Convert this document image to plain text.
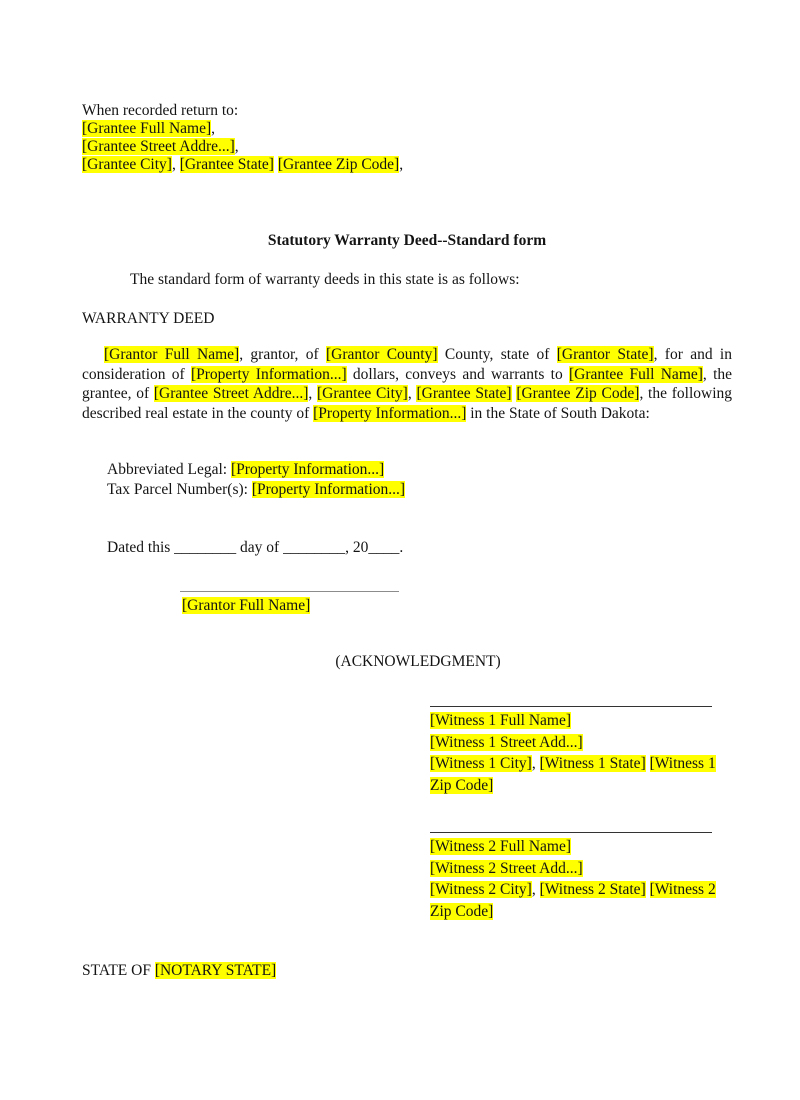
When recorded return to:
[Grantee Full Name],
[Grantee Street Addre...],
[Grantee City], [Grantee State] [Grantee Zip Code],
Statutory Warranty Deed--Standard form
The standard form of warranty deeds in this state is as follows:
WARRANTY DEED
[Grantor Full Name], grantor, of [Grantor County] County, state of [Grantor State], for and in consideration of [Property Information...] dollars, conveys and warrants to [Grantee Full Name], the grantee, of [Grantee Street Addre...], [Grantee City], [Grantee State] [Grantee Zip Code], the following described real estate in the county of [Property Information...] in the State of South Dakota:
Abbreviated Legal: [Property Information...]
Tax Parcel Number(s): [Property Information...]
Dated this ________ day of ________, 20____.
[Grantor Full Name]
(ACKNOWLEDGMENT)
[Witness 1 Full Name]
[Witness 1 Street Add...]
[Witness 1 City], [Witness 1 State] [Witness 1 Zip Code]
[Witness 2 Full Name]
[Witness 2 Street Add...]
[Witness 2 City], [Witness 2 State] [Witness 2 Zip Code]
STATE OF [NOTARY STATE]
